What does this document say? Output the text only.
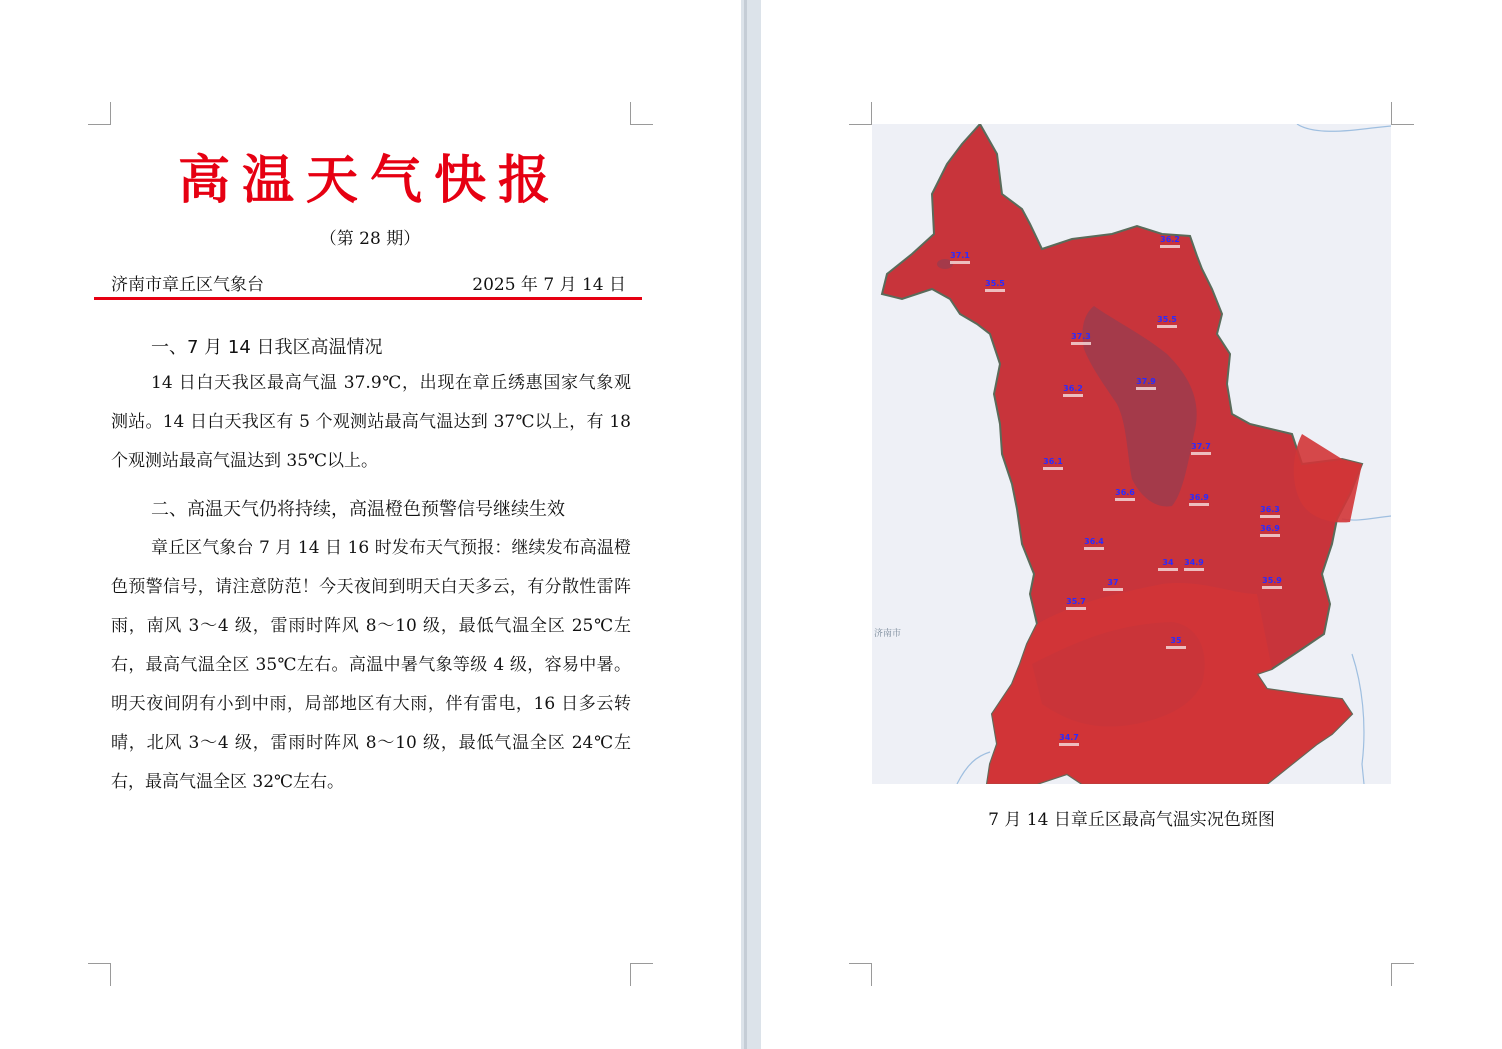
高温天气快报
（第 28 期）
济南市章丘区气象台	2025 年 7 月 14 日
一、7 月 14 日我区高温情况
14 日白天我区最高气温 37.9℃，出现在章丘绣惠国家气象观测站。14 日白天我区有 5 个观测站最高气温达到 37℃以上，有 18 个观测站最高气温达到 35℃以上。
二、高温天气仍将持续，高温橙色预警信号继续生效
章丘区气象台 7 月 14 日 16 时发布天气预报：继续发布高温橙色预警信号，请注意防范！今天夜间到明天白天多云，有分散性雷阵雨，南风 3～4 级，雷雨时阵风 8～10 级，最低气温全区 25℃左右，最高气温全区 35℃左右。高温中暑气象等级 4 级，容易中暑。明天夜间阴有小到中雨，局部地区有大雨，伴有雷电，16 日多云转晴，北风 3～4 级，雷雨时阵风 8～10 级，最低气温全区 24℃左右，最高气温全区 32℃左右。
济南市
37.1
35.5
36.2
35.5
37.3
36.2
37.9
37.7
36.1
36.6
36.9
36.3
36.9
36.4
34 34.9
37
35.7
35.9
35
34.7
7 月 14 日章丘区最高气温实况色斑图
